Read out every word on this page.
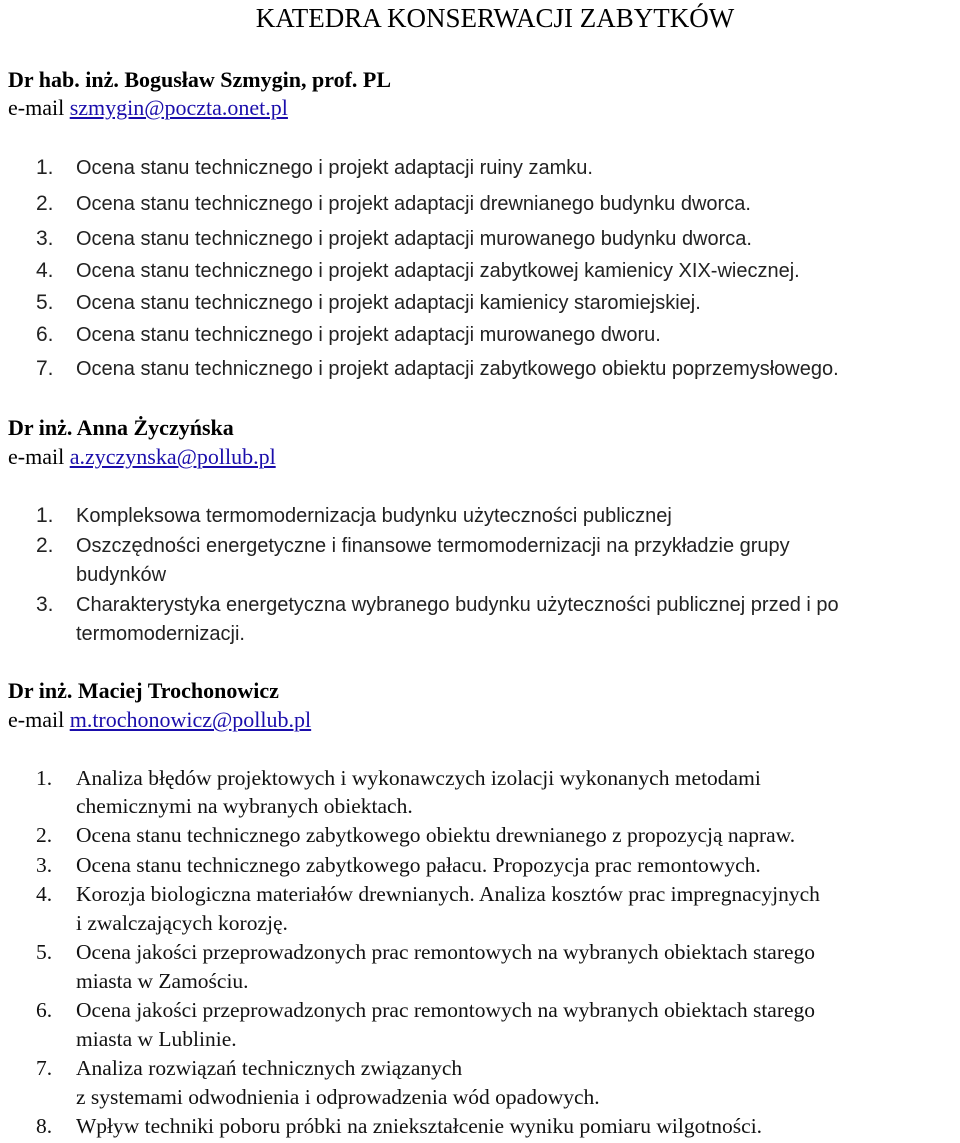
KATEDRA KONSERWACJI ZABYTKÓW
Dr hab. inż. Bogusław Szmygin, prof. PL
e-mail szmygin@poczta.onet.pl
1. Ocena stanu technicznego i projekt adaptacji ruiny zamku.
2. Ocena stanu technicznego i projekt adaptacji drewnianego budynku dworca.
3. Ocena stanu technicznego i projekt adaptacji murowanego budynku dworca.
4. Ocena stanu technicznego i projekt adaptacji zabytkowej kamienicy XIX-wiecznej.
5. Ocena stanu technicznego i projekt adaptacji kamienicy staromiejskiej.
6. Ocena stanu technicznego i projekt adaptacji murowanego dworu.
7. Ocena stanu technicznego i projekt adaptacji zabytkowego obiektu poprzemysłowego.
Dr inż. Anna Życzyńska
e-mail a.zyczynska@pollub.pl
1. Kompleksowa termomodernizacja budynku użyteczności publicznej
2. Oszczędności energetyczne i finansowe termomodernizacji na przykładzie grupy
budynków
3. Charakterystyka energetyczna wybranego budynku użyteczności publicznej przed i po
termomodernizacji.
Dr inż. Maciej Trochonowicz
e-mail m.trochonowicz@pollub.pl
1. Analiza błędów projektowych i wykonawczych izolacji wykonanych metodami
chemicznymi na wybranych obiektach.
2. Ocena stanu technicznego zabytkowego obiektu drewnianego z propozycją napraw.
3. Ocena stanu technicznego zabytkowego pałacu. Propozycja prac remontowych.
4. Korozja biologiczna materiałów drewnianych. Analiza kosztów prac impregnacyjnych
i zwalczających korozję.
5. Ocena jakości przeprowadzonych prac remontowych na wybranych obiektach starego
miasta w Zamościu.
6. Ocena jakości przeprowadzonych prac remontowych na wybranych obiektach starego
miasta w Lublinie.
7. Analiza rozwiązań technicznych związanych
z systemami odwodnienia i odprowadzenia wód opadowych.
8. Wpływ techniki poboru próbki na zniekształcenie wyniku pomiaru wilgotności.
